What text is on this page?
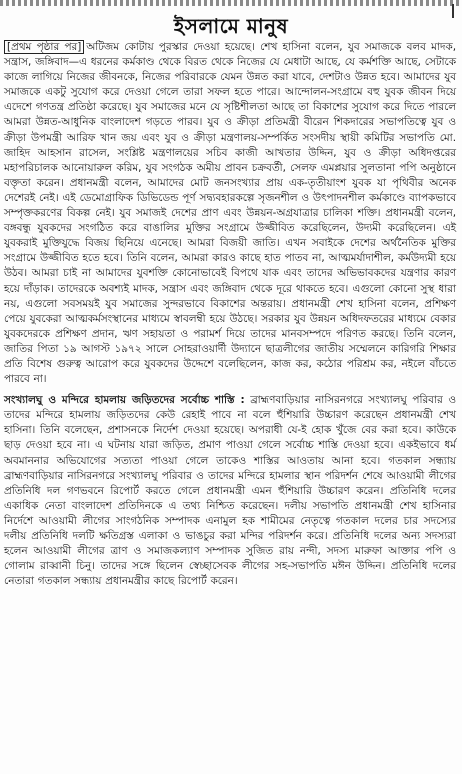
ইসলামে মানুষ

[প্রথম পৃষ্ঠার পর] অটিজম কোটায় পুরস্কার দেওয়া হয়েছে। শেখ হাসিনা বলেন, যুব সমাজকে বলব মাদক, সন্ত্রাস, জঙ্গিবাদ—এ ধরনের কর্মকাণ্ড থেকে বিরত থেকে নিজের যে মেধাটা আছে, যে কর্মশক্তি আছে, সেটাকে কাজে লাগিয়ে নিজের জীবনকে, নিজের পরিবারকে যেমন উন্নত করা যাবে, দেশটাও উন্নত হবে। আমাদের যুব সমাজকে একটু সুযোগ করে দেওয়া গেলে তারা সফল হতে পারে। আন্দোলন-সংগ্রামে বহু যুবক জীবন দিয়ে এদেশে গণতন্ত্র প্রতিষ্ঠা করেছে। যুব সমাজের মনে যে সৃষ্টিশীলতা আছে তা বিকাশের সুযোগ করে দিতে পারলে আমরা উন্নত-আধুনিক বাংলাদেশ গড়তে পারব। যুব ও ক্রীড়া প্রতিমন্ত্রী বীরেন শিকদারের সভাপতিত্বে যুব ও ক্রীড়া উপমন্ত্রী আরিফ খান জয় এবং যুব ও ক্রীড়া মন্ত্রণালয়-সম্পর্কিত সংসদীয় স্থায়ী কমিটির সভাপতি মো. জাহিদ আহসান রাসেল, সংশ্লিষ্ট মন্ত্রণালয়ের সচিব কাজী আখতার উদ্দিন, যুব ও ক্রীড়া অধিদপ্তরের মহাপরিচালক আনোয়ারুল করিম, যুব সংগঠক অমীয় প্রাবন চক্রবর্তী, সেলফ এমপ্লয়ার সুলতানা পপি অনুষ্ঠানে বক্তৃতা করেন। প্রধানমন্ত্রী বলেন, আমাদের মোট জনসংখ্যার প্রায় এক-তৃতীয়াংশ যুবক যা পৃথিবীর অনেক দেশেরই নেই। এই ডেমোগ্রাফিক ডিভিডেন্ড পূর্ণ সদ্ব্যবহারকল্পে সৃজনশীল ও উৎপাদনশীল কর্মকাণ্ডে ব্যাপকভাবে সম্পৃক্তকরণের বিকল্প নেই। যুব সমাজই দেশের প্রাণ এবং উন্নয়ন-অগ্রযাত্রার চালিকা শক্তি। প্রধানমন্ত্রী বলেন, বঙ্গবন্ধু যুবকদের সংগঠিত করে বাঙালির মুক্তির সংগ্রামে উজ্জীবিত করেছিলেন, উদ্যমী করেছিলেন। এই যুবকরাই মুক্তিযুদ্ধে বিজয় ছিনিয়ে এনেছে। আমরা বিজয়ী জাতি। এখন সবাইকে দেশের অর্থনৈতিক মুক্তির সংগ্রামে উজ্জীবিত হতে হবে। তিনি বলেন, আমরা কারও কাছে হাত পাতব না, আত্মমর্যাদাশীল, কর্মউদ্যমী হয়ে উঠব। আমরা চাই না আমাদের যুবশক্তি কোনোভাবেই বিপথে যাক এবং তাদের অভিভাবকদের যন্ত্রণার কারণ হয়ে দাঁড়াক। তাদেরকে অবশ্যই মাদক, সন্ত্রাস এবং জঙ্গিবাদ থেকে দূরে থাকতে হবে। এগুলো কোনো সুস্থ ধারা নয়, এগুলো সবসময়ই যুব সমাজের সুন্দরভাবে বিকাশের অন্তরায়। প্রধানমন্ত্রী শেখ হাসিনা বলেন, প্রশিক্ষণ পেয়ে যুবকেরা আত্মকর্মসংস্থানের মাধ্যমে স্বাবলম্বী হয়ে উঠছে। সরকার যুব উন্নয়ন অধিদফতরের মাধ্যমে বেকার যুবকদেরকে প্রশিক্ষণ প্রদান, ঋণ সহায়তা ও পরামর্শ দিয়ে তাদের মানবসম্পদে পরিণত করছে। তিনি বলেন, জাতির পিতা ১৯ আগস্ট ১৯৭২ সালে সোহরাওয়ার্দী উদ্যানে ছাত্রলীগের জাতীয় সম্মেলনে কারিগরি শিক্ষার প্রতি বিশেষ গুরুত্ব আরোপ করে যুবকদের উদ্দেশে বলেছিলেন, কাজ কর, কঠোর পরিশ্রম কর, নইলে বাঁচতে পারবে না।

সংখ্যালঘু ও মন্দিরে হামলায় জড়িতদের সর্বোচ্চ শাস্তি : ব্রাহ্মণবাড়িয়ার নাসিরনগরে সংখ্যালঘু পরিবার ও তাদের মন্দিরে হামলায় জড়িতদের কেউ রেহাই পাবে না বলে হুঁশিয়ারি উচ্চারণ করেছেন প্রধানমন্ত্রী শেখ হাসিনা। তিনি বলেছেন, প্রশাসনকে নির্দেশ দেওয়া হয়েছে। অপরাধী যে-ই হোক খুঁজে বের করা হবে। কাউকে ছাড় দেওয়া হবে না। এ ঘটনায় যারা জড়িত, প্রমাণ পাওয়া গেলে সর্বোচ্চ শাস্তি দেওয়া হবে। একইভাবে ধর্ম অবমাননার অভিযোগের সত্যতা পাওয়া গেলে তাকেও শাস্তির আওতায় আনা হবে। গতকাল সন্ধ্যায় ব্রাহ্মণবাড়িয়ার নাসিরনগরে সংখ্যালঘু পরিবার ও তাদের মন্দিরে হামলার স্থান পরিদর্শন শেষে আওয়ামী লীগের প্রতিনিধি দল গণভবনে রিপোর্ট করতে গেলে প্রধানমন্ত্রী এমন হুঁশিয়ারি উচ্চারণ করেন। প্রতিনিধি দলের একাধিক নেতা বাংলাদেশ প্রতিদিনকে এ তথ্য নিশ্চিত করেছেন। দলীয় সভাপতি প্রধানমন্ত্রী শেখ হাসিনার নির্দেশে আওয়ামী লীগের সাংগঠনিক সম্পাদক এনামুল হক শামীমের নেতৃত্বে গতকাল দলের চার সদস্যের দলীয় প্রতিনিধি দলটি ক্ষতিগ্রস্ত এলাকা ও ভাঙচুর করা মন্দির পরিদর্শন করে। প্রতিনিধি দলের অন্য সদস্যরা হলেন আওয়ামী লীগের ত্রাণ ও সমাজকল্যাণ সম্পাদক সুজিত রায় নন্দী, সদস্য মারুফা আক্তার পপি ও গোলাম রাব্বানী চিনু। তাদের সঙ্গে ছিলেন স্বেচ্ছাসেবক লীগের সহ-সভাপতি মঈন উদ্দিন। প্রতিনিধি দলের নেতারা গতকাল সন্ধ্যায় প্রধানমন্ত্রীর কাছে রিপোর্ট করেন।
